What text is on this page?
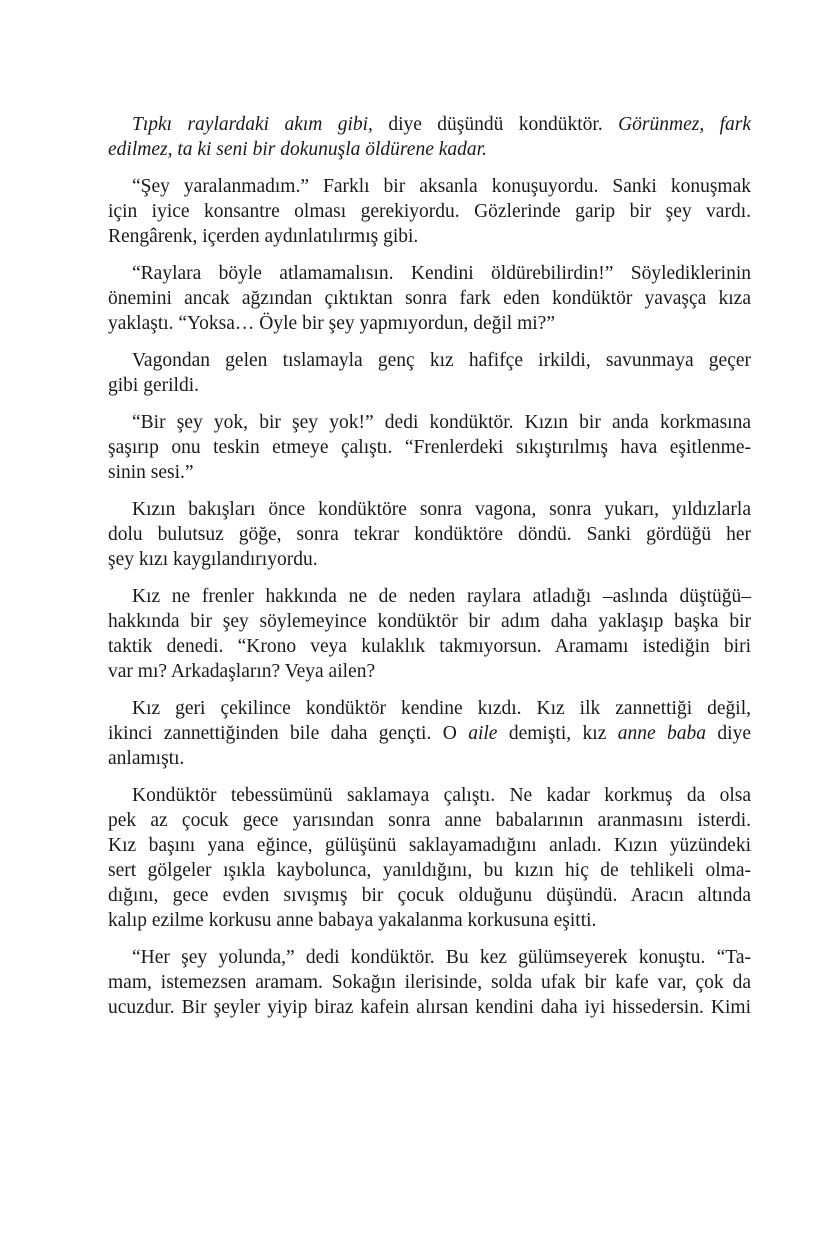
Tıpkı raylardaki akım gibi, diye düşündü kondüktör. Görünmez, fark
edilmez, ta ki seni bir dokunuşla öldürene kadar.

“Şey yaralanmadım.” Farklı bir aksanla konuşuyordu. Sanki konuşmak
için iyice konsantre olması gerekiyordu. Gözlerinde garip bir şey vardı.
Rengârenk, içerden aydınlatılırmış gibi.

“Raylara böyle atlamamalısın. Kendini öldürebilirdin!” Söylediklerinin
önemini ancak ağzından çıktıktan sonra fark eden kondüktör yavaşça kıza
yaklaştı. “Yoksa… Öyle bir şey yapmıyordun, değil mi?”

Vagondan gelen tıslamayla genç kız hafifçe irkildi, savunmaya geçer
gibi gerildi.

“Bir şey yok, bir şey yok!” dedi kondüktör. Kızın bir anda korkmasına
şaşırıp onu teskin etmeye çalıştı. “Frenlerdeki sıkıştırılmış hava eşitlenme-
sinin sesi.”

Kızın bakışları önce kondüktöre sonra vagona, sonra yukarı, yıldızlarla
dolu bulutsuz göğe, sonra tekrar kondüktöre döndü. Sanki gördüğü her
şey kızı kaygılandırıyordu.

Kız ne frenler hakkında ne de neden raylara atladığı –aslında düştüğü–
hakkında bir şey söylemeyince kondüktör bir adım daha yaklaşıp başka bir
taktik denedi. “Krono veya kulaklık takmıyorsun. Aramamı istediğin biri
var mı? Arkadaşların? Veya ailen?

Kız geri çekilince kondüktör kendine kızdı. Kız ilk zannettiği değil,
ikinci zannettiğinden bile daha gençti. O aile demişti, kız anne baba diye
anlamıştı.

Kondüktör tebessümünü saklamaya çalıştı. Ne kadar korkmuş da olsa
pek az çocuk gece yarısından sonra anne babalarının aranmasını isterdi.
Kız başını yana eğince, gülüşünü saklayamadığını anladı. Kızın yüzündeki
sert gölgeler ışıkla kaybolunca, yanıldığını, bu kızın hiç de tehlikeli olma-
dığını, gece evden sıvışmış bir çocuk olduğunu düşündü. Aracın altında
kalıp ezilme korkusu anne babaya yakalanma korkusuna eşitti.

“Her şey yolunda,” dedi kondüktör. Bu kez gülümseyerek konuştu. “Ta-
mam, istemezsen aramam. Sokağın ilerisinde, solda ufak bir kafe var, çok da
ucuzdur. Bir şeyler yiyip biraz kafein alırsan kendini daha iyi hissedersin. Kimi
